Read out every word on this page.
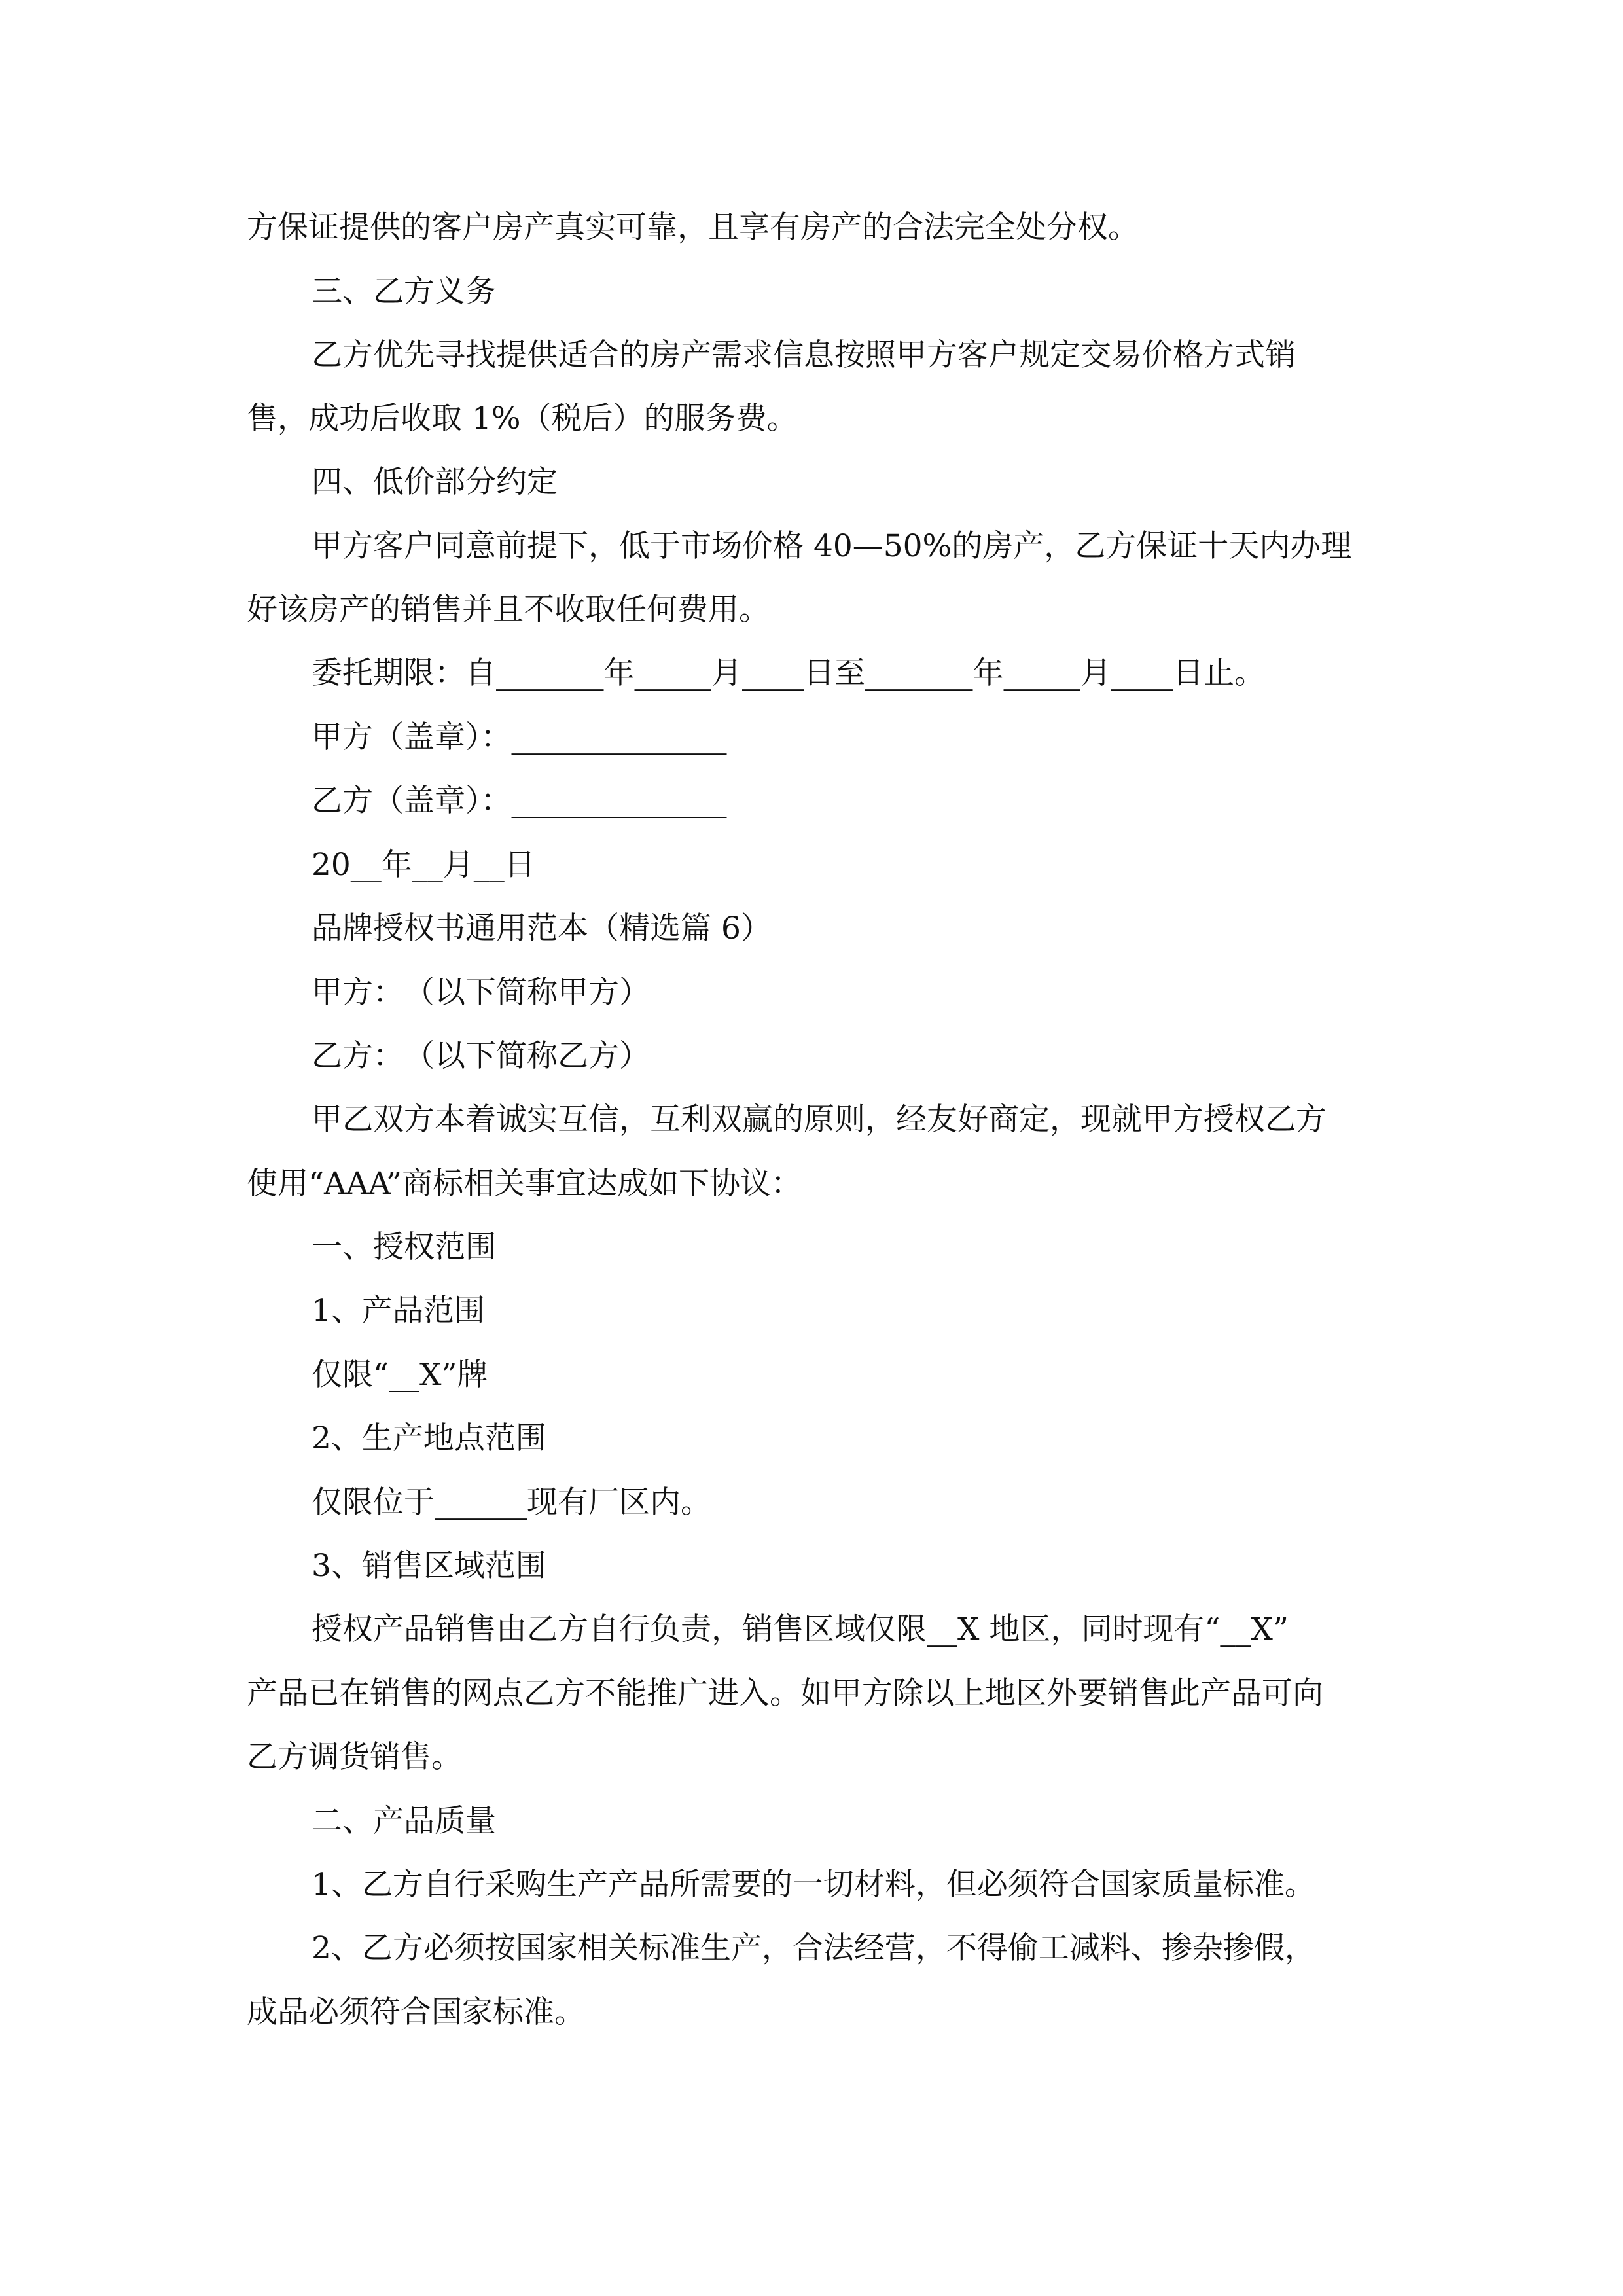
方保证提供的客户房产真实可靠，且享有房产的合法完全处分权。
三、乙方义务
乙方优先寻找提供适合的房产需求信息按照甲方客户规定交易价格方式销
售，成功后收取 1%（税后）的服务费。
四、低价部分约定
甲方客户同意前提下，低于市场价格 40—50%的房产，乙方保证十天内办理
好该房产的销售并且不收取任何费用。
委托期限：自_______年_____月____日至_______年_____月____日止。
甲方（盖章）：______________
乙方（盖章）：______________
20__年__月__日
品牌授权书通用范本（精选篇 6）
甲方：　（以下简称甲方）
乙方：　（以下简称乙方）
甲乙双方本着诚实互信，互利双赢的原则，经友好商定，现就甲方授权乙方
使用“AAA”商标相关事宜达成如下协议：
一、授权范围
1、产品范围
仅限“__X”牌
2、生产地点范围
仅限位于______现有厂区内。
3、销售区域范围
授权产品销售由乙方自行负责，销售区域仅限__X 地区，同时现有“__X”
产品已在销售的网点乙方不能推广进入。如甲方除以上地区外要销售此产品可向
乙方调货销售。
二、产品质量
1、乙方自行采购生产产品所需要的一切材料，但必须符合国家质量标准。
2、乙方必须按国家相关标准生产，合法经营，不得偷工减料、掺杂掺假，
成品必须符合国家标准。
